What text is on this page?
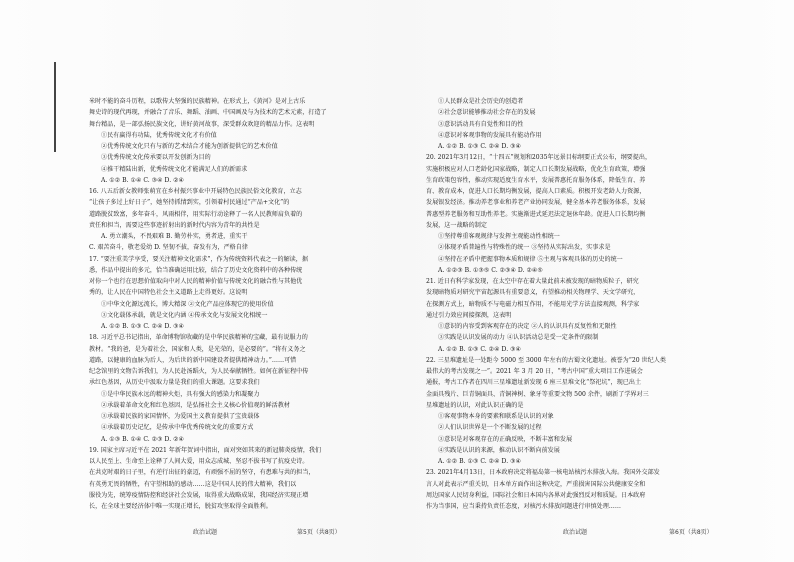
米时不能的奋斗历程，以歌传大坚强的民族精神。在形式上，《黄河》是对上古乐
舞史诗的现代再现，并融合了音乐、舞蹈、油画、中国画及与为技术的艺术元素，打造了
舞台精品，是一部弘扬民族文化，讲好黄河故事，深受群众欢迎的精品力作。这表明
①民有赢得有功陆，优秀传统文化才有价值
②优秀传统文化只有与新的艺术结合才能为创新提供它的艺术价值
③优秀传统文化传承要以开发创新为目的
④推干精陆出新，优秀传统文化才能满足人们的新需求
A. ①② B. ①④ C. ③④ D. ②④
16. 八五后新女教师张萌宜在乡村振兴事业中开展特色民族民俗文化教育，立志
“让孩子多过上好日子”，她坚持抓情到实，引领着村民通过“产品+文化”的
道路脱贫致富，多年奋斗，风雨相伴，用实际行动诠释了一名人民教师肩负着的
责任和担当，需要这些事迹折射出的新时代内容为青年的共性是
A. 勇立潮头，不畏艰难 B. 勤劳朴实，勇者进，重实干
C. 艰苦奋斗，敬老爱幼 D. 坚韧不拔，奋发有为，严格自律
17. “要注重美学享受，要关注精神文化需求”，作为传统资料代表之一的解读，据
悉，作品中提出的多元，恰当准确运用比较，结合了历史文化资料中的各种传统
对你一个也行在思想价值取向中对人民的精神价值与传统文化的融合性与其他优
秀的，让人民在中国特色社会主义道路上走得更好。这说明
①中华文化源远流长，博大精深 ②文化产品应体现它的使用价值
③文化载体承载，就是文化内涵 ④传承文化与发展文化相统一
A. ①② B. ①③ C. ②④ D. ③④
18. 习近平总书记指出，革命博物馆收藏的是中华民族精神的宝藏，最有说服力的
教材。“我的爸，是为着社会，国家和人类，是光荣的，是必要的”。“将有义务之
道路，以健康的血脉为后人，为后世的新中国建设者提供精神动力。”……可惜
纪念馆里的文物告诉我们，为人民赴汤蹈火，为人民奉献牺牲。如何在新征程中传
承红色基因，从历史中汲取力量是我们的重大课题。这要求我们
①是中华民族永远的精神火炬，具有强大的感染力和凝聚力
②承载着革命文化和红色基因，是弘扬社会主义核心价值观的鲜活教材
③承载着民族的家国情怀，为爱国主义教育提供了宝贵载体
④承载着历史记忆，是传承中华优秀传统文化的重要方式
A. ①③ B. ①④ C. ②③ D. ②④
19. 国家主席习近平在 2021 年新年贺词中指出，面对突如其来的新冠肺炎疫情，我们
以人民至上、生命至上诠释了人间大爱，用众志成城、坚忍不拔书写了抗疫史诗。
在共克时艰的日子里，有逆行出征的豪迈，有顽强不屈的坚守，有患难与共的担当，
有英勇无畏的牺牲，有守望相助的感动……这是中国人民的伟大精神，我们以
服役为先，统筹疫情防控和经济社会发展，取得重大战略成果，我国经济实现正增
长，在全球主要经济体中唯一实现正增长，脱贫攻坚取得全面胜利。
①人民群众是社会历史的创造者
②社会意识能够推动社会存在的发展
③意识活动具有自觉性和目的性
④意识对客观事物的发展具有能动作用
A. ①② B. ①③ C. ②④ D. ③④
20. 2021年3月12日，“十四五”规划和2035年远景目标纲要正式公布，纲要提出，
实施积极应对人口老龄化国家战略，制定人口长期发展战略，优化生育政策，增强
生育政策包容性，推动实现适度生育水平，发展普惠托育服务体系，降低生育、养
育、教育成本，促进人口长期均衡发展，提高人口素质。积极开发老龄人力资源，
发展银发经济。推动养老事业和养老产业协同发展，健全基本养老服务体系，发展
普惠型养老服务和互助性养老。实施渐进式延迟法定退休年龄。促进人口长期均衡
发展，这一战略的制定
①坚持尊重客观规律与发挥主观能动性相统一
②体现矛盾普遍性与特殊性的统一 ③坚持从实际出发，实事求是
④坚持在矛盾中把握事物本质和规律 ⑤主观与客观具体的历史的统一
A. ①②③ B. ①③⑤ C. ②③④ D. ②④⑤
21. 近日有科学家发现，在太空中存在着大量此前未被发现的暗物质粒子，研究
发现暗物质对研究宇宙起源具有重要意义，有望推动相关物理学、天文学研究，
在探测方式上，暗物质不与电磁力相互作用，不能用光学方法直接观测，科学家
通过引力效应间接探测，这表明
①意识的内容受到客观存在的决定 ②人的认识具有反复性和无限性
③实践是认识发展的动力 ④认识活动总是受一定条件的限制
A. ①② B. ①③ C. ②④ D. ③④
22. 三星堆遗址是一处距今 5000 至 3000 年左右的古蜀文化遗址。被誉为“20 世纪人类
最伟大的考古发现之一”。2021 年 3 月 20 日，“考古中国”重大项目工作进展会
通报，考古工作者在四川三星堆遗址新发现 6 座三星堆文化“祭祀坑”，现已出土
金面具残片、巨青铜面具、青铜神树、象牙等重要文物 500 余件，刷新了学界对三
星堆遗址的认识，对此认识正确的是
①客观事物本身的要素和联系是认识的对象
②人们认识世界是一个不断发展的过程
③意识是对客观存在的正确反映，不断丰富和发展
④实践是认识的来源，推动认识不断向前发展
A. ①② B. ①③ C. ②④ D. ③④
23. 2021年4月13日，日本政府决定将福岛第一核电站核污水排放入海。我国外交部发
言人对此表示严重关切，日本单方面作出这种决定，严重损害国际公共健康安全和
周边国家人民切身利益，国际社会和日本国内各界对此强烈反对和质疑。日本政府
作为当事国，应当秉持负责任态度，对核污水排放问题进行审慎处理……
政治试题	第5页（共8页）	政治试题	第6页（共8页）
